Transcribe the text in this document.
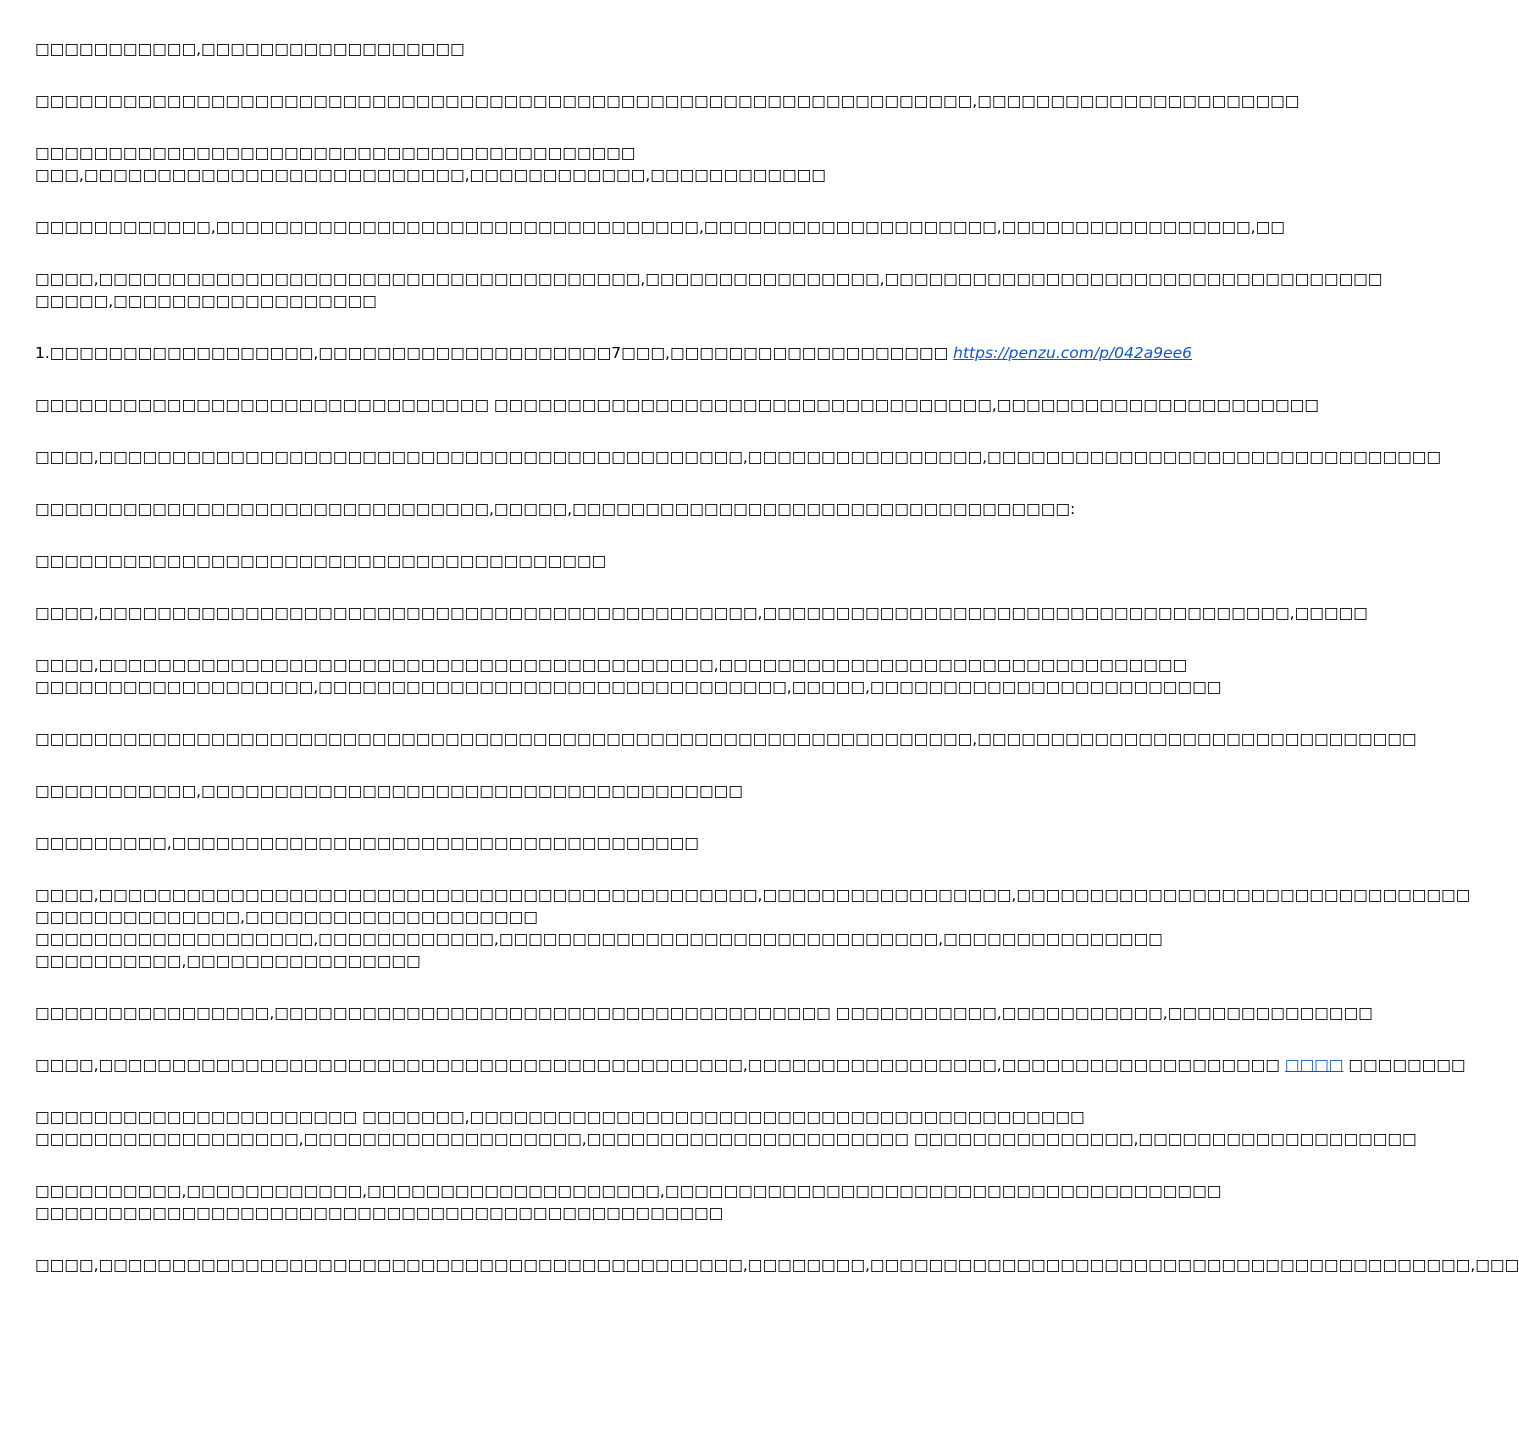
□□□□□□□□□□□,□□□□□□□□□□□□□□□□□□
□□□□□□□□□□□□□□□□□□□□□□□□□□□□□□□□□□□□□□□□□□□□□□□□□□□□□□□□□□□□□□□□,□□□□□□□□□□□□□□□□□□□□□□
□□□□□□□□□□□□□□□□□□□□□□□□□□□□□□□□□□□□□□□□□
□□□,□□□□□□□□□□□□□□□□□□□□□□□□□□,□□□□□□□□□□□□,□□□□□□□□□□□□
□□□□□□□□□□□□,□□□□□□□□□□□□□□□□□□□□□□□□□□□□□□□□□,□□□□□□□□□□□□□□□□□□□□,□□□□□□□□□□□□□□□□□,□□
□□□□,□□□□□□□□□□□□□□□□□□□□□□□□□□□□□□□□□□□□□,□□□□□□□□□□□□□□□□,□□□□□□□□□□□□□□□□□□□□□□□□□□□□□□□□□□
□□□□□,□□□□□□□□□□□□□□□□□□
1.□□□□□□□□□□□□□□□□□□,□□□□□□□□□□□□□□□□□□□□7□□□,□□□□□□□□□□□□□□□□□□□ https://penzu.com/p/042a9ee6
□□□□□□□□□□□□□□□□□□□□□□□□□□□□□□□ □□□□□□□□□□□□□□□□□□□□□□□□□□□□□□□□□□,□□□□□□□□□□□□□□□□□□□□□□
□□□□,□□□□□□□□□□□□□□□□□□□□□□□□□□□□□□□□□□□□□□□□□□□□,□□□□□□□□□□□□□□□□,□□□□□□□□□□□□□□□□□□□□□□□□□□□□□□□
□□□□□□□□□□□□□□□□□□□□□□□□□□□□□□□,□□□□□,□□□□□□□□□□□□□□□□□□□□□□□□□□□□□□□□□□:
□□□□□□□□□□□□□□□□□□□□□□□□□□□□□□□□□□□□□□□
□□□□,□□□□□□□□□□□□□□□□□□□□□□□□□□□□□□□□□□□□□□□□□□□□□,□□□□□□□□□□□□□□□□□□□□□□□□□□□□□□□□□□□□,□□□□□
□□□□,□□□□□□□□□□□□□□□□□□□□□□□□□□□□□□□□□□□□□□□□□□,□□□□□□□□□□□□□□□□□□□□□□□□□□□□□□□□
□□□□□□□□□□□□□□□□□□□,□□□□□□□□□□□□□□□□□□□□□□□□□□□□□□□□,□□□□□,□□□□□□□□□□□□□□□□□□□□□□□□
□□□□□□□□□□□□□□□□□□□□□□□□□□□□□□□□□□□□□□□□□□□□□□□□□□□□□□□□□□□□□□□□,□□□□□□□□□□□□□□□□□□□□□□□□□□□□□□
□□□□□□□□□□□,□□□□□□□□□□□□□□□□□□□□□□□□□□□□□□□□□□□□□
□□□□□□□□□,□□□□□□□□□□□□□□□□□□□□□□□□□□□□□□□□□□□□
□□□□,□□□□□□□□□□□□□□□□□□□□□□□□□□□□□□□□□□□□□□□□□□□□□,□□□□□□□□□□□□□□□□□,□□□□□□□□□□□□□□□□□□□□□□□□□□□□□□□
□□□□□□□□□□□□□□,□□□□□□□□□□□□□□□□□□□□
□□□□□□□□□□□□□□□□□□□,□□□□□□□□□□□□,□□□□□□□□□□□□□□□□□□□□□□□□□□□□□□,□□□□□□□□□□□□□□□
□□□□□□□□□□,□□□□□□□□□□□□□□□□
□□□□□□□□□□□□□□□□,□□□□□□□□□□□□□□□□□□□□□□□□□□□□□□□□□□□□□□ □□□□□□□□□□□,□□□□□□□□□□□,□□□□□□□□□□□□□□
□□□□,□□□□□□□□□□□□□□□□□□□□□□□□□□□□□□□□□□□□□□□□□□□□,□□□□□□□□□□□□□□□□□,□□□□□□□□□□□□□□□□□□□ □□□□ □□□□□□□□
□□□□□□□□□□□□□□□□□□□□□□ □□□□□□□,□□□□□□□□□□□□□□□□□□□□□□□□□□□□□□□□□□□□□□□□□□
□□□□□□□□□□□□□□□□□□,□□□□□□□□□□□□□□□□□□□,□□□□□□□□□□□□□□□□□□□□□□ □□□□□□□□□□□□□□□,□□□□□□□□□□□□□□□□□□□
□□□□□□□□□□,□□□□□□□□□□□□,□□□□□□□□□□□□□□□□□□□□,□□□□□□□□□□□□□□□□□□□□□□□□□□□□□□□□□□□□□□
□□□□□□□□□□□□□□□□□□□□□□□□□□□□□□□□□□□□□□□□□□□□□□□
□□□□,□□□□□□□□□□□□□□□□□□□□□□□□□□□□□□□□□□□□□□□□□□□□,□□□□□□□□,□□□□□□□□□□□□□□□□□□□□□□□□□□□□□□□□□□□□□□□□□,□□□
